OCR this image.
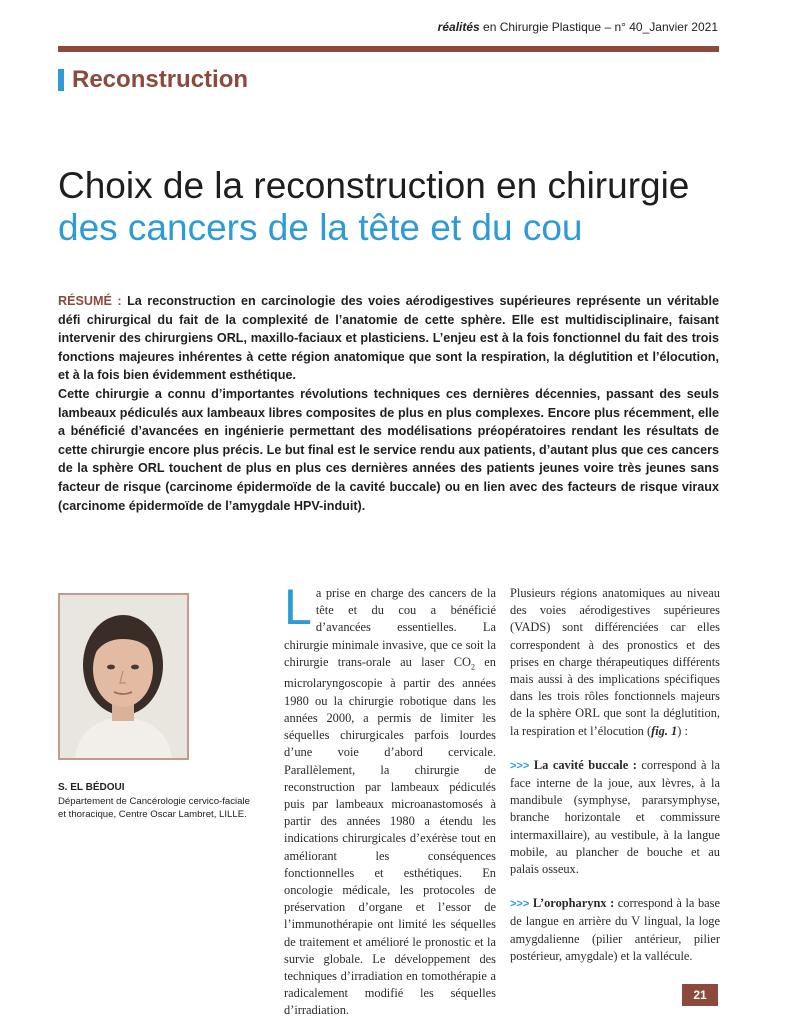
réalités en Chirurgie Plastique – n° 40_Janvier 2021
Reconstruction
Choix de la reconstruction en chirurgie
des cancers de la tête et du cou

RÉSUMÉ : La reconstruction en carcinologie des voies aérodigestives supérieures représente un véritable défi chirurgical du fait de la complexité de l’anatomie de cette sphère. Elle est multidisciplinaire, faisant intervenir des chirurgiens ORL, maxillo-faciaux et plasticiens. L’enjeu est à la fois fonctionnel du fait des trois fonctions majeures inhérentes à cette région anatomique que sont la respiration, la déglutition et l’élocution, et à la fois bien évidemment esthétique.

Cette chirurgie a connu d’importantes révolutions techniques ces dernières décennies, passant des seuls lambeaux pédiculés aux lambeaux libres composites de plus en plus complexes. Encore plus récemment, elle a bénéficié d’avancées en ingénierie permettant des modélisations préopératoires rendant les résultats de cette chirurgie encore plus précis. Le but final est le service rendu aux patients, d’autant plus que ces cancers de la sphère ORL touchent de plus en plus ces dernières années des patients jeunes voire très jeunes sans facteur de risque (carcinome épidermoïde de la cavité buccale) ou en lien avec des facteurs de risque viraux (carcinome épidermoïde de l’amygdale HPV-induit).

S. EL BÉDOUI
Département de Cancérologie cervico-faciale et thoracique, Centre Oscar Lambret, LILLE.

La prise en charge des cancers de la tête et du cou a bénéficié d’avancées essentielles. La chirurgie minimale invasive, que ce soit la chirurgie trans-orale au laser $CO_2$ en microlaryngoscopie à partir des années 1980 ou la chirurgie robotique dans les années 2000, a permis de limiter les séquelles chirurgicales parfois lourdes d’une voie d’abord cervicale. Parallèlement, la chirurgie de reconstruction par lambeaux pédiculés puis par lambeaux microanastomosés à partir des années 1980 a étendu les indications chirurgicales d’exérèse tout en améliorant les conséquences fonctionnelles et esthétiques. En oncologie médicale, les protocoles de préservation d’organe et l’essor de l’immunothérapie ont limité les séquelles de traitement et amélioré le pronostic et la survie globale. Le développement des techniques d’irradiation en tomothérapie a radicalement modifié les séquelles d’irradiation.

Plusieurs régions anatomiques au niveau des voies aérodigestives supérieures (VADS) sont différenciées car elles correspondent à des pronostics et des prises en charge thérapeutiques différents mais aussi à des implications spécifiques dans les trois rôles fonctionnels majeurs de la sphère ORL que sont la déglutition, la respiration et l’élocution (fig. 1) :

>>> La cavité buccale : correspond à la face interne de la joue, aux lèvres, à la mandibule (symphyse, pararsymphyse, branche horizontale et commissure intermaxillaire), au vestibule, à la langue mobile, au plancher de bouche et au palais osseux.

>>> L’oropharynx : correspond à la base de langue en arrière du V lingual, la loge amygdalienne (pilier antérieur, pilier postérieur, amygdale) et la vallécule.

21
